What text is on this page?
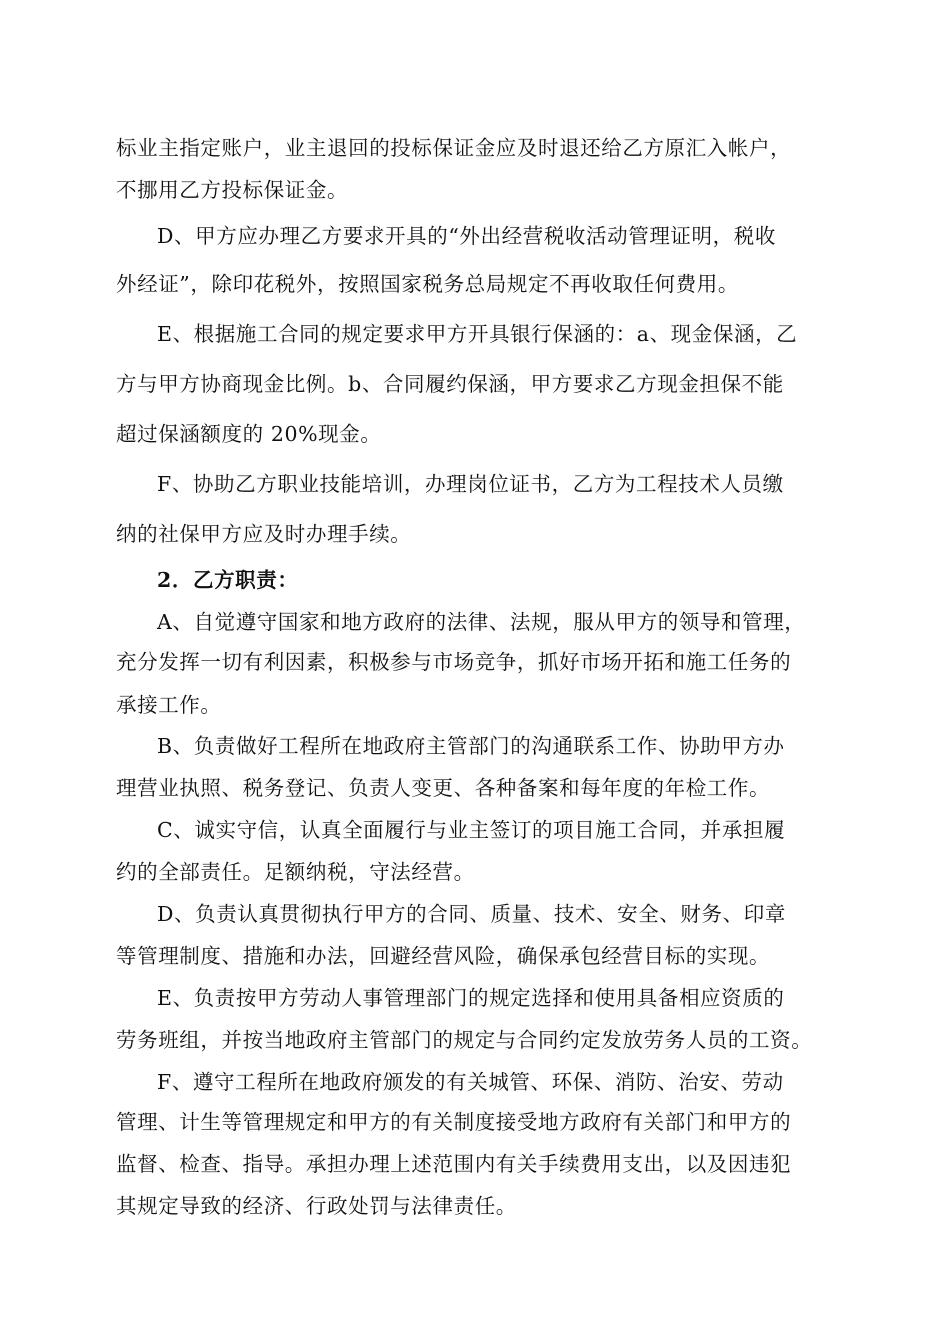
标业主指定账户，业主退回的投标保证金应及时退还给乙方原汇入帐户，
不挪用乙方投标保证金。
D、甲方应办理乙方要求开具的“外出经营税收活动管理证明，税收
外经证”，除印花税外，按照国家税务总局规定不再收取任何费用。
E、根据施工合同的规定要求甲方开具银行保涵的：a、现金保涵，乙
方与甲方协商现金比例。b、合同履约保涵，甲方要求乙方现金担保不能
超过保涵额度的 20%现金。
F、协助乙方职业技能培训，办理岗位证书，乙方为工程技术人员缴
纳的社保甲方应及时办理手续。
2．乙方职责：
A、自觉遵守国家和地方政府的法律、法规，服从甲方的领导和管理，
充分发挥一切有利因素，积极参与市场竞争，抓好市场开拓和施工任务的
承接工作。
B、负责做好工程所在地政府主管部门的沟通联系工作、协助甲方办
理营业执照、税务登记、负责人变更、各种备案和每年度的年检工作。
C、诚实守信，认真全面履行与业主签订的项目施工合同，并承担履
约的全部责任。足额纳税，守法经营。
D、负责认真贯彻执行甲方的合同、质量、技术、安全、财务、印章
等管理制度、措施和办法，回避经营风险，确保承包经营目标的实现。
E、负责按甲方劳动人事管理部门的规定选择和使用具备相应资质的
劳务班组，并按当地政府主管部门的规定与合同约定发放劳务人员的工资。
F、遵守工程所在地政府颁发的有关城管、环保、消防、治安、劳动
管理、计生等管理规定和甲方的有关制度接受地方政府有关部门和甲方的
监督、检查、指导。承担办理上述范围内有关手续费用支出，以及因违犯
其规定导致的经济、行政处罚与法律责任。
